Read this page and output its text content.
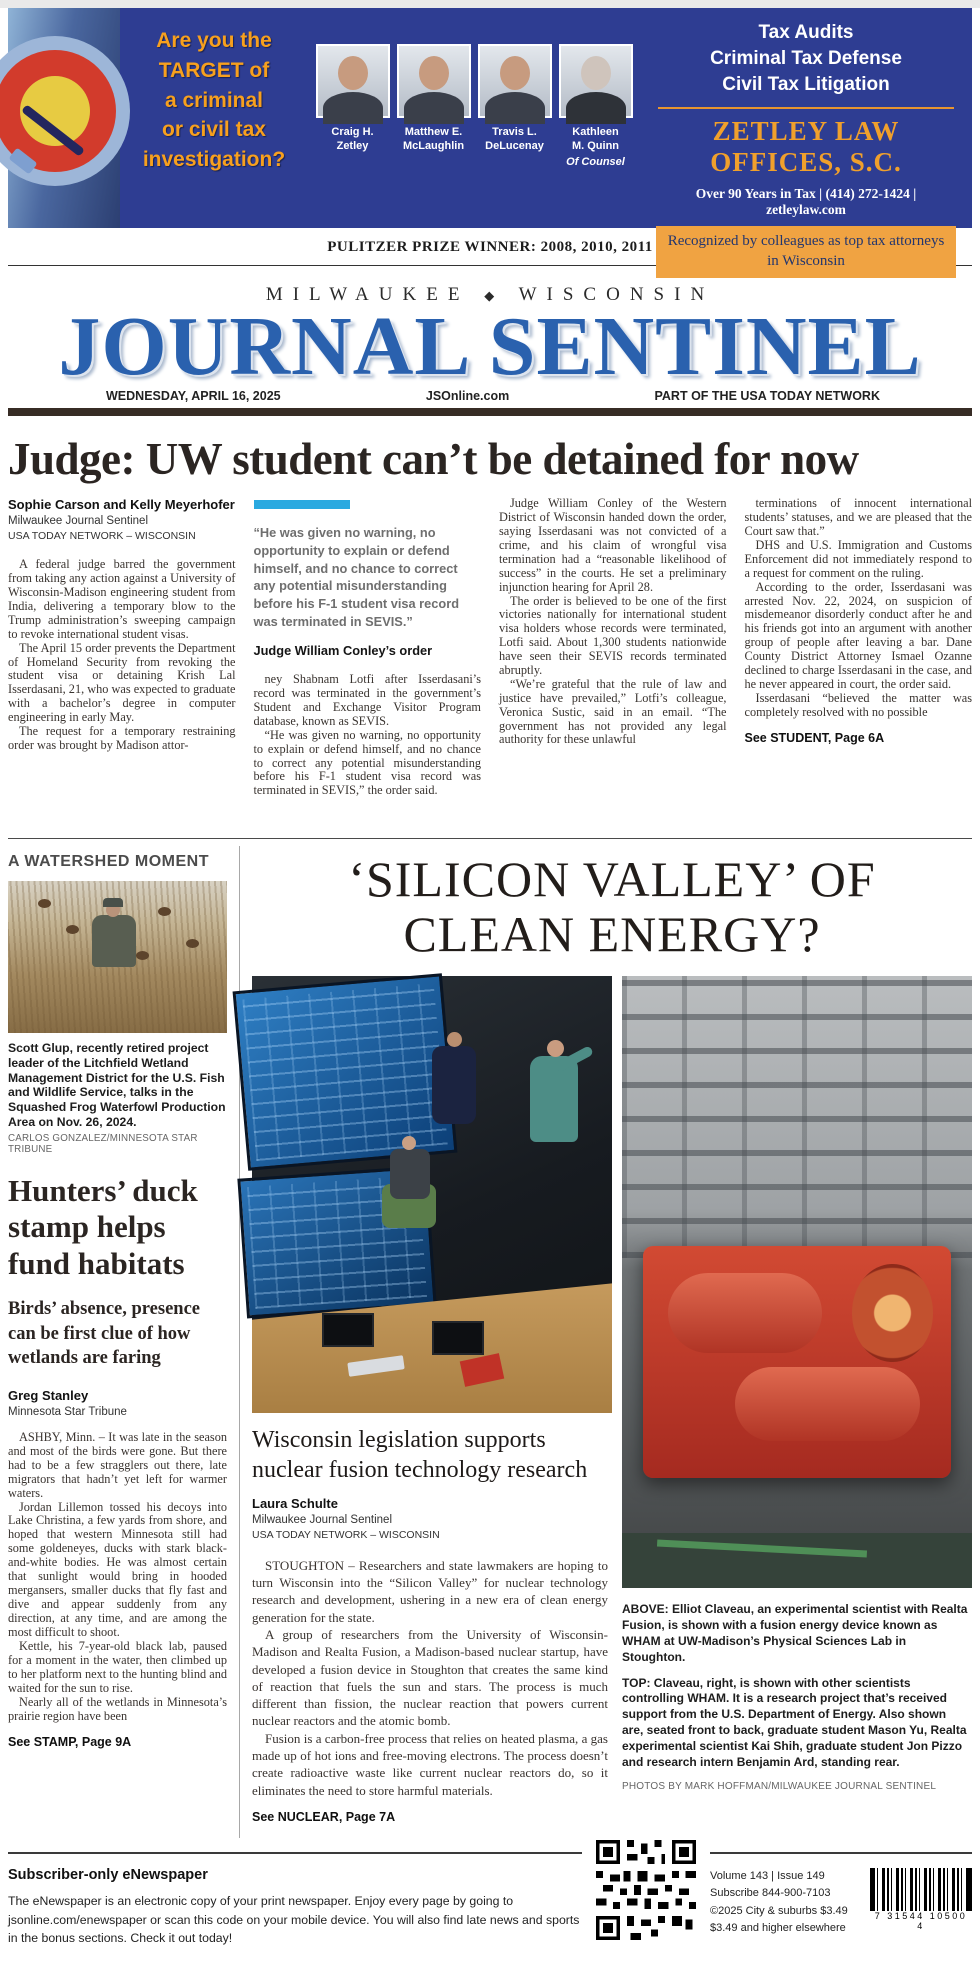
Are you the
TARGET of
a criminal
or civil tax
investigation?
Craig H.
Zetley
Matthew E.
McLaughlin
Travis L.
DeLucenay
Kathleen
M. Quinn
Of Counsel
Tax Audits
Criminal Tax Defense
Civil Tax Litigation
ZETLEY LAW OFFICES, S.C.
Over 90 Years in Tax | (414) 272-1424 | zetleylaw.com
Recognized by colleagues as top tax attorneys in Wisconsin
PULITZER PRIZE WINNER: 2008, 2010, 2011
MILWAUKEE ◆ WISCONSIN
JOURNAL SENTINEL
WEDNESDAY, APRIL 16, 2025	JSOnline.com	PART OF THE USA TODAY NETWORK
Judge: UW student can’t be detained for now
Sophie Carson and Kelly Meyerhofer
Milwaukee Journal Sentinel
USA TODAY NETWORK – WISCONSIN

A federal judge barred the government from taking any action against a University of Wisconsin-Madison engineering student from India, delivering a temporary blow to the Trump administration’s sweeping campaign to revoke international student visas.

The April 15 order prevents the Department of Homeland Security from revoking the student visa or detaining Krish Lal Isserdasani, 21, who was expected to graduate with a bachelor’s degree in computer engineering in early May.

The request for a temporary restraining order was brought by Madison attor-

“He was given no warning, no opportunity to explain or defend himself, and no chance to correct any potential misunderstanding before his F-1 student visa record was terminated in SEVIS.”
Judge William Conley’s order

ney Shabnam Lotfi after Isserdasani’s record was terminated in the government’s Student and Exchange Visitor Program database, known as SEVIS.

“He was given no warning, no opportunity to explain or defend himself, and no chance to correct any potential misunderstanding before his F-1 student visa record was terminated in SEVIS,” the order said.

Judge William Conley of the Western District of Wisconsin handed down the order, saying Isserdasani was not convicted of a crime, and his claim of wrongful visa termination had a “reasonable likelihood of success” in the courts. He set a preliminary injunction hearing for April 28.

The order is believed to be one of the first victories nationally for international student visa holders whose records were terminated, Lotfi said. About 1,300 students nationwide have seen their SEVIS records terminated abruptly.

“We’re grateful that the rule of law and justice have prevailed,” Lotfi’s colleague, Veronica Sustic, said in an email. “The government has not provided any legal authority for these unlawful

terminations of innocent international students’ statuses, and we are pleased that the Court saw that.”

DHS and U.S. Immigration and Customs Enforcement did not immediately respond to a request for comment on the ruling.

According to the order, Isserdasani was arrested Nov. 22, 2024, on suspicion of misdemeanor disorderly conduct after he and his friends got into an argument with another group of people after leaving a bar. Dane County District Attorney Ismael Ozanne declined to charge Isserdasani in the case, and he never appeared in court, the order said.

Isserdasani “believed the matter was completely resolved with no possible

See STUDENT, Page 6A
A WATERSHED MOMENT
Scott Glup, recently retired project leader of the Litchfield Wetland Management District for the U.S. Fish and Wildlife Service, talks in the Squashed Frog Waterfowl Production Area on Nov. 26, 2024.
CARLOS GONZALEZ/MINNESOTA STAR TRIBUNE
Hunters’ duck stamp helps fund habitats
Birds’ absence, presence can be first clue of how wetlands are faring
Greg Stanley
Minnesota Star Tribune

ASHBY, Minn. – It was late in the season and most of the birds were gone. But there had to be a few stragglers out there, late migrators that hadn’t yet left for warmer waters.

Jordan Lillemon tossed his decoys into Lake Christina, a few yards from shore, and hoped that western Minnesota still had some goldeneyes, ducks with stark black-and-white bodies. He was almost certain that sunlight would bring in hooded mergansers, smaller ducks that fly fast and dive and appear suddenly from any direction, at any time, and are among the most difficult to shoot.

Kettle, his 7-year-old black lab, paused for a moment in the water, then climbed up to her platform next to the hunting blind and waited for the sun to rise.

Nearly all of the wetlands in Minnesota’s prairie region have been

See STAMP, Page 9A
‘SILICON VALLEY’ OF
CLEAN ENERGY?
Wisconsin legislation supports nuclear fusion technology research
Laura Schulte
Milwaukee Journal Sentinel
USA TODAY NETWORK – WISCONSIN

STOUGHTON – Researchers and state lawmakers are hoping to turn Wisconsin into the “Silicon Valley” for nuclear technology research and development, ushering in a new era of clean energy generation for the state.

A group of researchers from the University of Wisconsin-Madison and Realta Fusion, a Madison-based nuclear startup, have developed a fusion device in Stoughton that creates the same kind of reaction that fuels the sun and stars. The process is much different than fission, the nuclear reaction that powers current nuclear reactors and the atomic bomb.

Fusion is a carbon-free process that relies on heated plasma, a gas made up of hot ions and free-moving electrons. The process doesn’t create radioactive waste like current nuclear reactors do, so it eliminates the need to store harmful materials.

See NUCLEAR, Page 7A

ABOVE: Elliot Claveau, an experimental scientist with Realta Fusion, is shown with a fusion energy device known as WHAM at UW-Madison’s Physical Sciences Lab in Stoughton.

TOP: Claveau, right, is shown with other scientists controlling WHAM. It is a research project that’s received support from the U.S. Department of Energy. Also shown are, seated front to back, graduate student Mason Yu, Realta experimental scientist Kai Shih, graduate student Jon Pizzo and research intern Benjamin Ard, standing rear.

PHOTOS BY MARK HOFFMAN/MILWAUKEE JOURNAL SENTINEL
Subscriber-only eNewspaper
The eNewspaper is an electronic copy of your print newspaper. Enjoy every page by going to jsonline.com/enewspaper or scan this code on your mobile device. You will also find late news and sports in the bonus sections. Check it out today!
Volume 143 | Issue 149
Subscribe 844-900-7103
©2025 City & suburbs $3.49
$3.49 and higher elsewhere
7 31544 10500 4
